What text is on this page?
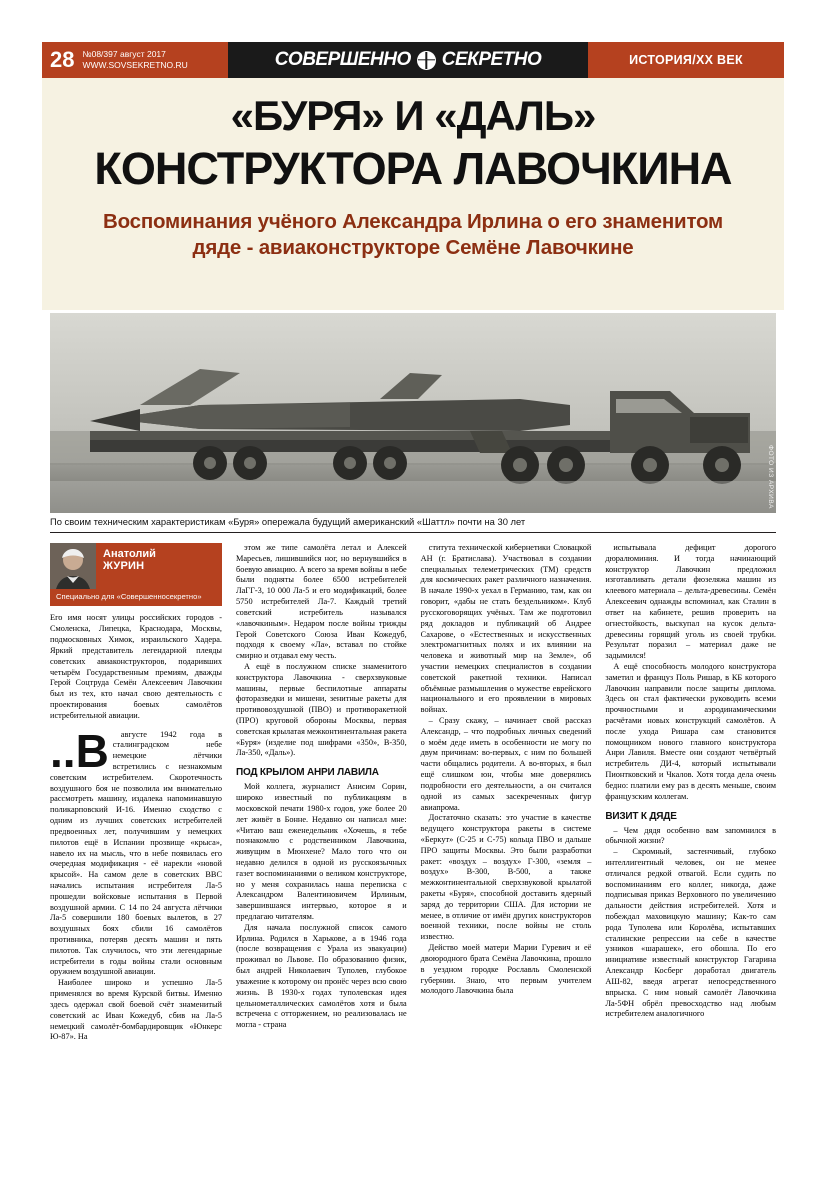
28 №08/397 август 2017
WWW.SOVSEKRETNO.RU	СОВЕРШЕННО СЕКРЕТНО	ИСТОРИЯ/XX ВЕК
«БУРЯ» И «ДАЛЬ»
КОНСТРУКТОРА ЛАВОЧКИНА
Воспоминания учёного Александра Ирлина о его знаменитом дяде - авиаконструкторе Семёне Лавочкине
ФОТО ИЗ АРХИВА
По своим техническим характеристикам «Буря» опережала будущий американский «Шаттл» почти на 30 лет
Анатолий
ЖУРИН
Специально для «Совершенносекретно»
Его имя носят улицы российских городов - Смоленска, Липецка, Краснодара, Москвы, подмосковных Химок, израильского Хадера. Яркий представитель легендарной плеяды советских авиаконструкторов, подаривших четырём Государственным премиям, дважды Герой Соцтруда Семён Алексеевич Лавочкин был из тех, кто начал свою деятельность с проектирования боевых самолётов истребительной авиации.
..В	августе 1942 года в сталинградском небе немецкие лётчики встретились с незнакомым советским истребителем. Скоротечность воздушного боя не позволила им внимательно рассмотреть машину, издалека напоминавшую поликарповский И-16. Именно сходство с одним из лучших советских истребителей предвоенных лет, получившим у немецких пилотов ещё в Испании прозвище «крыса», навело их на мысль, что в небе появилась его очередная модификация - её нарекли «новой крысой». На самом деле в советских ВВС начались испытания истребителя Ла-5 прошедли войсковые испытания в Первой воздушной армии. С 14 по 24 августа лётчики Ла-5 совершили 180 боевых вылетов, в 27 воздушных боях сбили 16 самолётов противника, потеряв десять машин и пять пилотов. Так случилось, что эти легендарные истребители в годы войны стали основным оружием воздушной авиации.

Наиболее широко и успешно Ла-5 применялся во время Курской битвы. Именно здесь одержал свой боевой счёт знаменитый советский ас Иван Кожедуб, сбив на Ла-5 немецкий самолёт-бомбардировщик «Юнкерс Ю-87». На

этом же типе самолёта летал и Алексей Маресьев, лишившийся ног, но вернувшийся в боевую авиацию. А всего за время войны в небе были подняты более 6500 истребителей ЛаГГ-3, 10 000 Ла-5 и его модификаций, более 5750 истребителей Ла-7. Каждый третий советский истребитель назывался «лавочкиным». Недаром после войны трижды Герой Советского Союза Иван Кожедуб, подходя к своему «Ла», вставал по стойке смирно и отдавал ему честь.

А ещё в послужном списке знаменитого конструктора Лавочкина - сверхзвуковые машины, первые беспилотные аппараты фоторазведки и мишени, зенитные ракеты для противовоздушной (ПВО) и противоракетной (ПРО) круговой обороны Москвы, первая советская крылатая межконтинентальная ракета «Буря» (изделие под шифрами «350», В-350, Ла-350, «Даль»).

ПОД КРЫЛОМ АНРИ ЛАВИЛА

Мой коллега, журналист Анисим Сорин, широко известный по публикациям в московской печати 1980-х годов, уже более 20 лет живёт в Бонне. Недавно он написал мне: «Читаю ваш еженедельник «Хочешь, я тебе познакомлю с родственником Лавочкина, живущим в Мюнхене? Мало того что он недавно делился в одной из русскоязычных газет воспоминаниями о великом конструкторе, но у меня сохранилась наша переписка с Александром Валентиновичем Ирлиным, завершившаяся интервью, которое я и предлагаю читателям.

Для начала послужной список самого Ирлина. Родился в Харькове, а в 1946 года (после возвращения с Урала из эвакуации) проживал во Львове. По образованию физик, был андрей Николаевич Туполев, глубокое уважение к которому он пронёс через всю свою жизнь. В 1930-х годах туполевская идея цельнометаллических самолётов хотя и была встречена с отторжением, но реализовалась не могла - страна

ститута технической кибернетики Словацкой АН (г. Братислава). Участвовал в создании специальных телеметрических (ТМ) средств для космических ракет различного назначения. В начале 1990-х уехал в Германию, там, как он говорит, «дабы не стать бездельником». Клуб русскоговорящих учёных. Там же подготовил ряд докладов и публикаций об Андрее Сахарове, о «Естественных и искусственных электромагнитных полях и их влиянии на человека и животный мир на Земле», об участии немецких специалистов в создании советской ракетной техники. Написал объёмные размышления о мужестве еврейского национального и его проявлении в мировых войнах.

– Сразу скажу, – начинает свой рассказ Александр, – что подробных личных сведений о моём деде иметь в особенности не могу по двум причинам: во-первых, с ним по большей части общались родители. А во-вторых, я был ещё слишком юн, чтобы мне доверялись подробности его деятельности, а он считался одной из самых засекреченных фигур авиапрома.

Достаточно сказать: это участие в качестве ведущего конструктора ракеты в системе «Беркут» (С-25 и С-75) кольца ПВО и дальше ПРО защиты Москвы. Это были разработки ракет: «воздух – воздух» Г-300, «земля – воздух» В-300, В-500, а также межконтинентальной сверхзвуковой крылатой ракеты «Буря», способной доставить ядерный заряд до территории США. Для истории не менее, в отличие от имён других конструкторов военной техники, после войны не столь известно.

Действо моей матери Марии Гуревич и её двоюродного брата Семёна Лавочкина, прошло в уездном городке Рославль Смоленской губернии. Знаю, что первым учителем молодого Лавочкина была

испытывала дефицит дорогого дюралюминия. И тогда начинающий конструктор Лавочкин предложил изготавливать детали фюзеляжа машин из клеевого материала – дельта-древесины. Семён Алексеевич однажды вспоминал, как Сталин в ответ на кабинете, решив проверить на огнестойкость, выскупал на кусок дельта-древесины горящий уголь из своей трубки. Результат поразил – материал даже не задымился!

А ещё способность молодого конструктора заметил и француз Поль Ришар, в КБ которого Лавочкин направили после защиты диплома. Здесь он стал фактически руководить всеми прочностными и аэродинамическими расчётами новых конструкций самолётов. А после ухода Ришара сам становится помощником нового главного конструктора Анри Лавиля. Вместе они создают четвёртый истребитель ДИ-4, который испытывали Пионтковский и Чкалов. Хотя тогда дела очень бедно: платили ему раз в десять меньше, своим французским коллегам.

ВИЗИТ К ДЯДЕ

– Чем дядя особенно вам запомнился в обычной жизни?

– Скромный, застенчивый, глубоко интеллигентный человек, он не менее отличался редкой отвагой. Если судить по воспоминаниям его коллег, никогда, даже подписывая приказ Верховного по увеличению дальности действия истребителей. Хотя и побеждал маховицкую машину; Как-то сам рода Туполева или Королёва, испытавших сталинские репрессии на себе в качестве узников «шарашек», его обошла. По его инициативе известный конструктор Гагарина Александр Косберг доработал двигатель АШ-82, введя агрегат непосредственного впрыска. С ним новый самолёт Лавочкина Ла-5ФН обрёл превосходство над любым истребителем аналогичного
